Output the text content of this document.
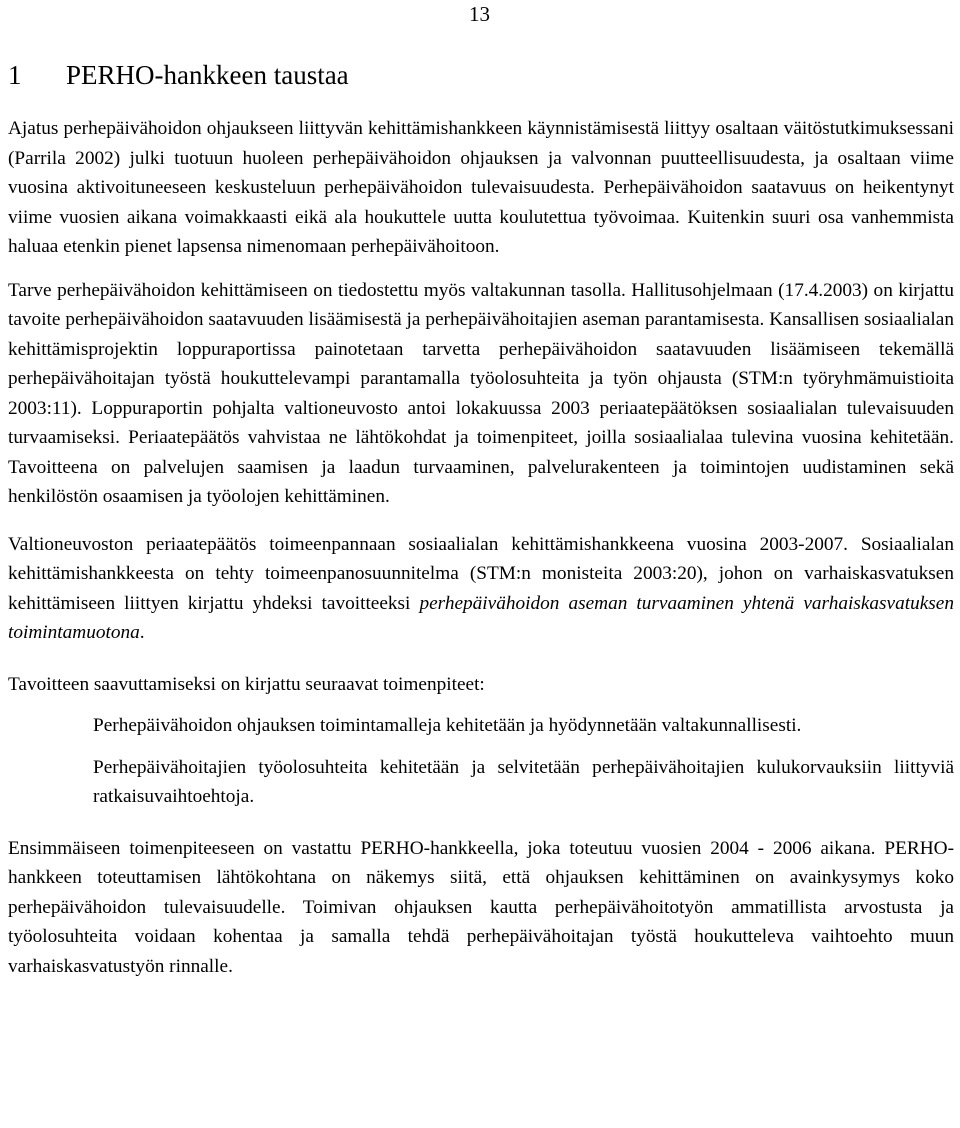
13
1 PERHO-hankkeen taustaa

Ajatus perhepäivähoidon ohjaukseen liittyvän kehittämishankkeen käynnistämisestä liittyy osaltaan väitöstutkimuksessani (Parrila 2002) julki tuotuun huoleen perhepäivähoidon ohjauksen ja valvonnan puutteellisuudesta, ja osaltaan viime vuosina aktivoituneeseen keskusteluun perhepäivähoidon tulevaisuudesta. Perhepäivähoidon saatavuus on heikentynyt viime vuosien aikana voimakkaasti eikä ala houkuttele uutta koulutettua työvoimaa. Kuitenkin suuri osa vanhemmista haluaa etenkin pienet lapsensa nimenomaan perhepäivähoitoon.

Tarve perhepäivähoidon kehittämiseen on tiedostettu myös valtakunnan tasolla. Hallitusohjelmaan (17.4.2003) on kirjattu tavoite perhepäivähoidon saatavuuden lisäämisestä ja perhepäivähoitajien aseman parantamisesta. Kansallisen sosiaalialan kehittämisprojektin loppuraportissa painotetaan tarvetta perhepäivähoidon saatavuuden lisäämiseen tekemällä perhepäivähoitajan työstä houkuttelevampi parantamalla työolosuhteita ja työn ohjausta (STM:n työryhmämuistioita 2003:11). Loppuraportin pohjalta valtioneuvosto antoi lokakuussa 2003 periaatepäätöksen sosiaalialan tulevaisuuden turvaamiseksi. Periaatepäätös vahvistaa ne lähtökohdat ja toimenpiteet, joilla sosiaalialaa tulevina vuosina kehitetään. Tavoitteena on palvelujen saamisen ja laadun turvaaminen, palvelurakenteen ja toimintojen uudistaminen sekä henkilöstön osaamisen ja työolojen kehittäminen.

Valtioneuvoston periaatepäätös toimeenpannaan sosiaalialan kehittämishankkeena vuosina 2003-2007. Sosiaalialan kehittämishankkeesta on tehty toimeenpanosuunnitelma (STM:n monisteita 2003:20), johon on varhaiskasvatuksen kehittämiseen liittyen kirjattu yhdeksi tavoitteeksi perhepäivähoidon aseman turvaaminen yhtenä varhaiskasvatuksen toimintamuotona.

Tavoitteen saavuttamiseksi on kirjattu seuraavat toimenpiteet:

Perhepäivähoidon ohjauksen toimintamalleja kehitetään ja hyödynnetään valtakunnallisesti.

Perhepäivähoitajien työolosuhteita kehitetään ja selvitetään perhepäivähoitajien kulukorvauksiin liittyviä ratkaisuvaihtoehtoja.

Ensimmäiseen toimenpiteeseen on vastattu PERHO-hankkeella, joka toteutuu vuosien 2004 - 2006 aikana. PERHO-hankkeen toteuttamisen lähtökohtana on näkemys siitä, että ohjauksen kehittäminen on avainkysymys koko perhepäivähoidon tulevaisuudelle. Toimivan ohjauksen kautta perhepäivähoitotyön ammatillista arvostusta ja työolosuhteita voidaan kohentaa ja samalla tehdä perhepäivähoitajan työstä houkutteleva vaihtoehto muun varhaiskasvatustyön rinnalle.
